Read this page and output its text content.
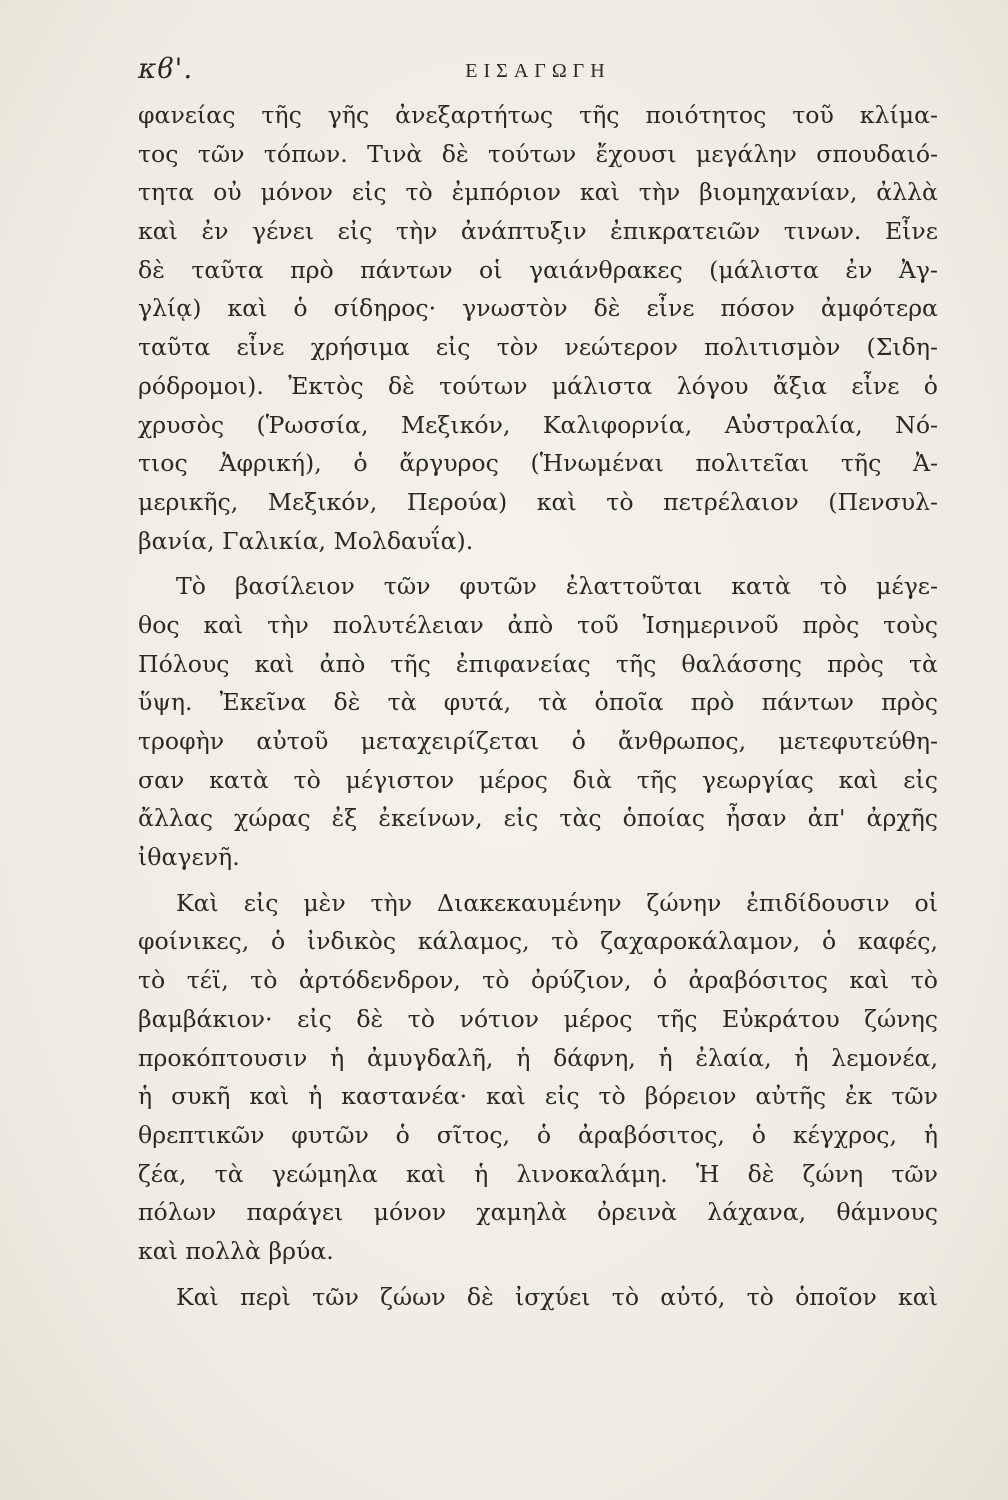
κϐ'.	ΕΙΣΑΓΩΓΗ
φανείας τῆς γῆς ἀνεξαρτήτως τῆς ποιότητος τοῦ κλίμα-
τος τῶν τόπων. Τινὰ δὲ τούτων ἔχουσι μεγάλην σπουδαιό-
τητα οὐ μόνον εἰς τὸ ἐμπόριον καὶ τὴν βιομηχανίαν, ἀλλὰ
καὶ ἐν γένει εἰς τὴν ἀνάπτυξιν ἐπικρατειῶν τινων. Εἶνε
δὲ ταῦτα πρὸ πάντων οἱ γαιάνθρακες (μάλιστα ἐν Ἀγ-
γλίᾳ) καὶ ὁ σίδηρος· γνωστὸν δὲ εἶνε πόσον ἀμφότερα
ταῦτα εἶνε χρήσιμα εἰς τὸν νεώτερον πολιτισμὸν (Σιδη-
ρόδρομοι). Ἐκτὸς δὲ τούτων μάλιστα λόγου ἄξια εἶνε ὁ
χρυσὸς (Ῥωσσία, Μεξικόν, Καλιφορνία, Αὐστραλία, Νό-
τιος Ἀφρική), ὁ ἄργυρος (Ἡνωμέναι πολιτεῖαι τῆς Ἀ-
μερικῆς, Μεξικόν, Περούα) καὶ τὸ πετρέλαιον (Πενσυλ-
βανία, Γαλικία, Μολδαυΐα).
Τὸ βασίλειον τῶν φυτῶν ἐλαττοῦται κατὰ τὸ μέγε-
θος καὶ τὴν πολυτέλειαν ἀπὸ τοῦ Ἰσημερινοῦ πρὸς τοὺς
Πόλους καὶ ἀπὸ τῆς ἐπιφανείας τῆς θαλάσσης πρὸς τὰ
ὕψη. Ἐκεῖνα δὲ τὰ φυτά, τὰ ὁποῖα πρὸ πάντων πρὸς
τροφὴν αὐτοῦ μεταχειρίζεται ὁ ἄνθρωπος, μετεφυτεύθη-
σαν κατὰ τὸ μέγιστον μέρος διὰ τῆς γεωργίας καὶ εἰς
ἄλλας χώρας ἐξ ἐκείνων, εἰς τὰς ὁποίας ἦσαν ἀπ' ἀρχῆς
ἰθαγενῆ.
Καὶ εἰς μὲν τὴν Διακεκαυμένην ζώνην ἐπιδίδουσιν οἱ
φοίνικες, ὁ ἰνδικὸς κάλαμος, τὸ ζαχαροκάλαμον, ὁ καφές,
τὸ τέϊ, τὸ ἀρτόδενδρον, τὸ ὀρύζιον, ὁ ἀραβόσιτος καὶ τὸ
βαμβάκιον· εἰς δὲ τὸ νότιον μέρος τῆς Εὐκράτου ζώνης
προκόπτουσιν ἡ ἀμυγδαλῆ, ἡ δάφνη, ἡ ἐλαία, ἡ λεμονέα,
ἡ συκῆ καὶ ἡ καστανέα· καὶ εἰς τὸ βόρειον αὐτῆς ἐκ τῶν
θρεπτικῶν φυτῶν ὁ σῖτος, ὁ ἀραβόσιτος, ὁ κέγχρος, ἡ
ζέα, τὰ γεώμηλα καὶ ἡ λινοκαλάμη. Ἡ δὲ ζώνη τῶν
πόλων παράγει μόνον χαμηλὰ ὀρεινὰ λάχανα, θάμνους
καὶ πολλὰ βρύα.
Καὶ περὶ τῶν ζώων δὲ ἰσχύει τὸ αὐτό, τὸ ὁποῖον καὶ
